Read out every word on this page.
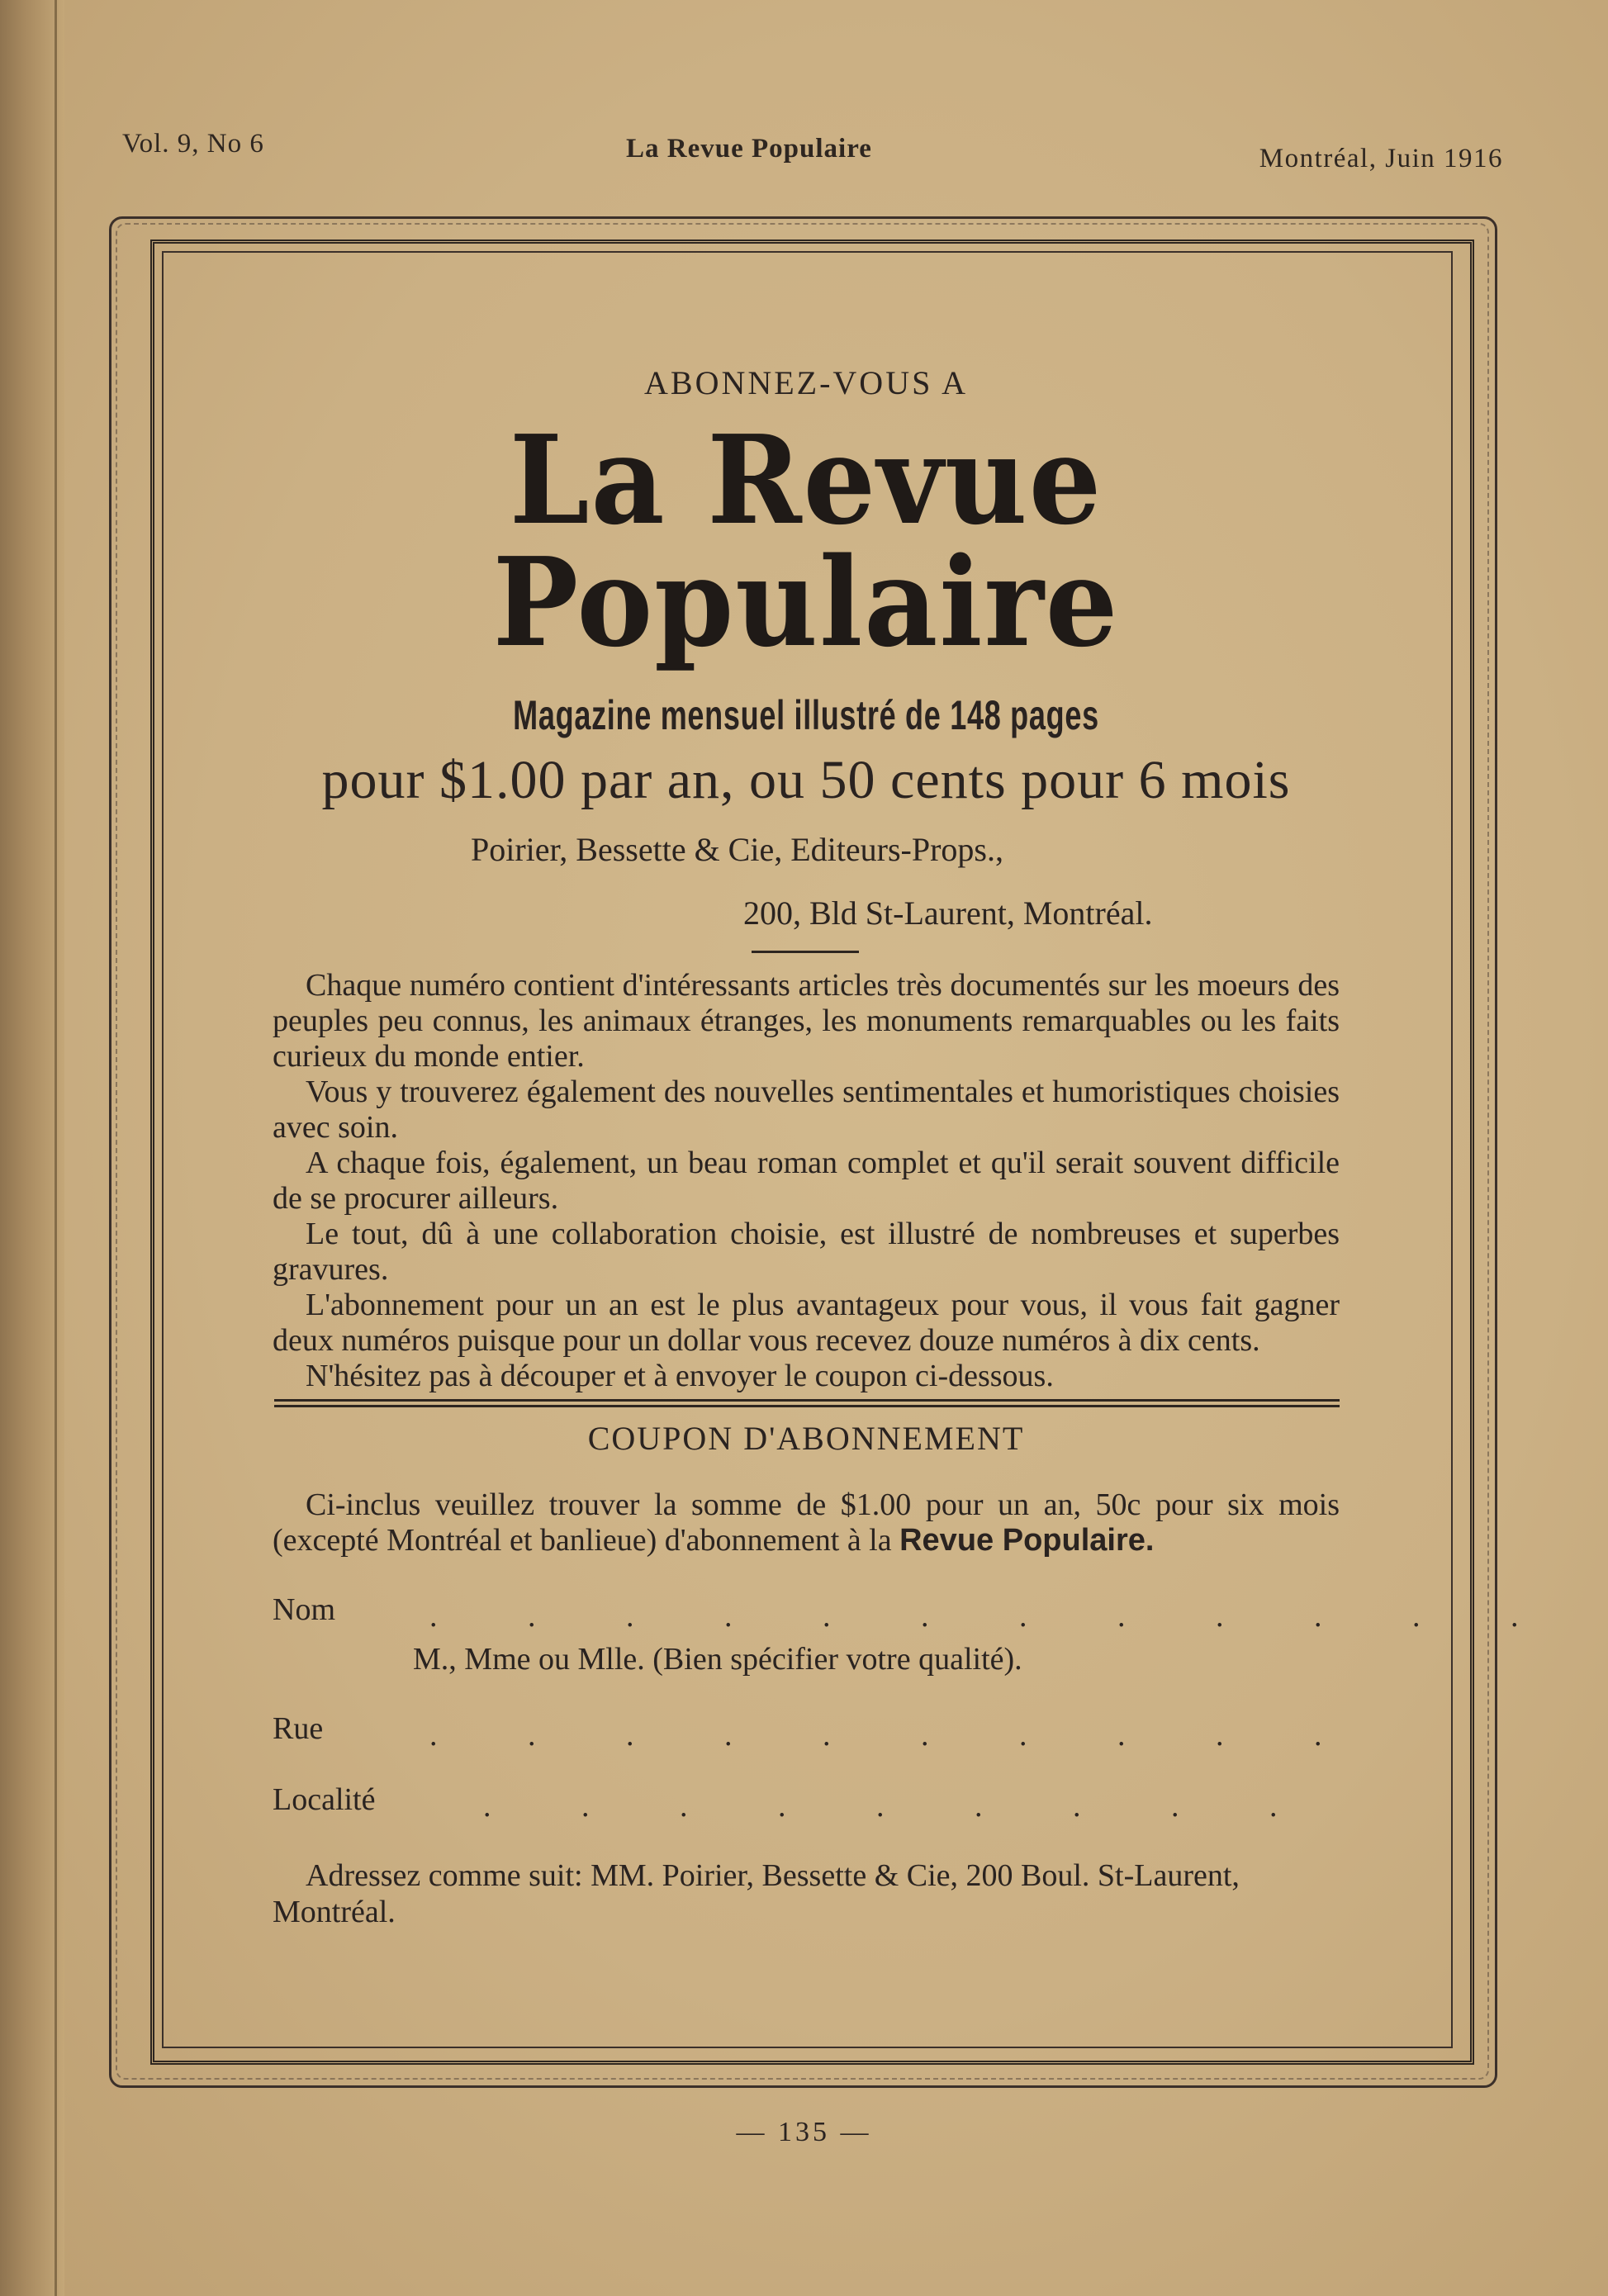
Vol. 9, No 6	La Revue Populaire	Montréal, Juin 1916
ABONNEZ-VOUS A
La Revue Populaire
Magazine mensuel illustré de 148 pages
pour $1.00 par an, ou 50 cents pour 6 mois
Poirier, Bessette & Cie, Editeurs-Props.,
200, Bld St-Laurent, Montréal.

Chaque numéro contient d'intéressants articles très documentés sur les moeurs des peuples peu connus, les animaux étranges, les monuments remarquables ou les faits curieux du monde entier.

Vous y trouverez également des nouvelles sentimentales et humoristiques choisies avec soin.

A chaque fois, également, un beau roman complet et qu'il serait souvent difficile de se procurer ailleurs.

Le tout, dû à une collaboration choisie, est illustré de nombreuses et superbes gravures.

L'abonnement pour un an est le plus avantageux pour vous, il vous fait gagner deux numéros puisque pour un dollar vous recevez douze numéros à dix cents.

N'hésitez pas à découper et à envoyer le coupon ci-dessous.

COUPON D'ABONNEMENT
Ci-inclus veuillez trouver la somme de $1.00 pour un an, 50c pour six mois (excepté Montréal et banlieue) d'abonnement à la Revue Populaire.
Nom	. . . . . . . . . . . .
M., Mme ou Mlle. (Bien spécifier votre qualité).
Rue	. . . . . . . . . .
Localité	. . . . . . . . .
Adressez comme suit: MM. Poirier, Bessette & Cie, 200 Boul. St-Laurent, Montréal.
— 135 —
